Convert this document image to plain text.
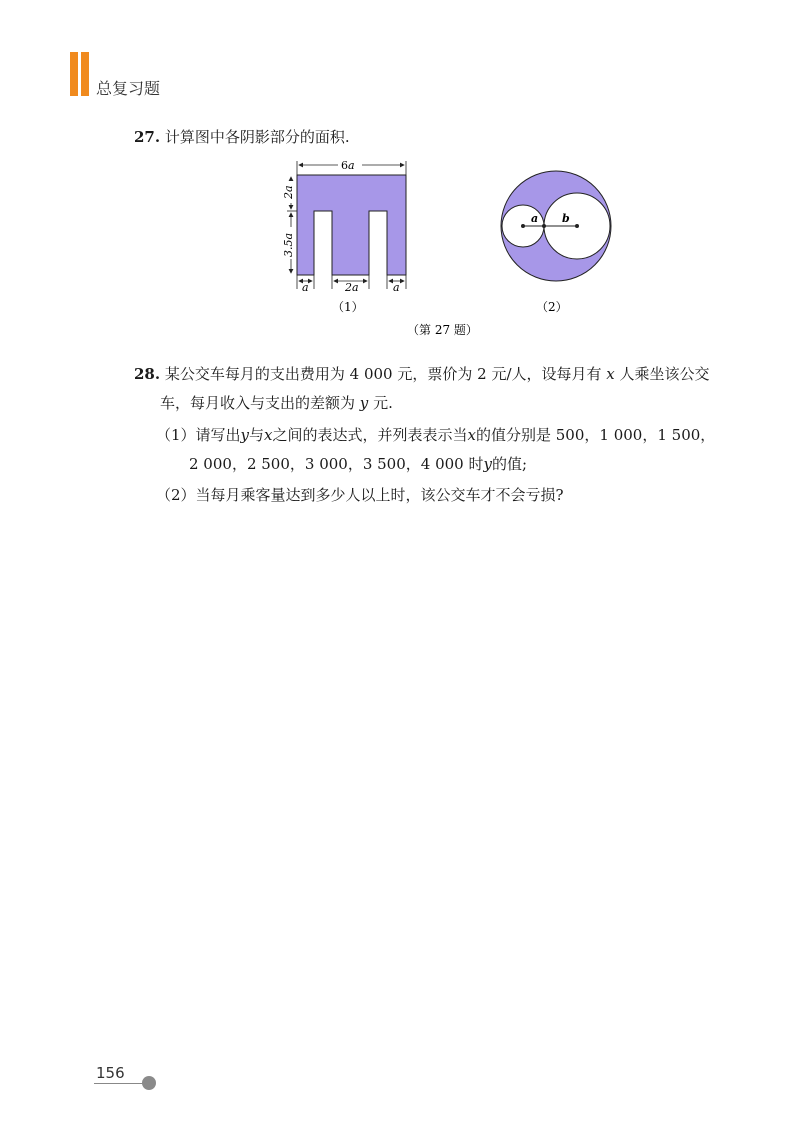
总复习题
27. 计算图中各阴影部分的面积.
6a
2a
3.5a
a	2a	a
（1）
a b
（2）
（第 27 题）
28. 某公交车每月的支出费用为 4 000 元，票价为 2 元/人，设每月有 x 人乘坐该公交
车，每月收入与支出的差额为 y 元.
（1）请写出y与x之间的表达式，并列表表示当x的值分别是 500，1 000，1 500，
2 000，2 500，3 000，3 500，4 000 时y的值;
（2）当每月乘客量达到多少人以上时，该公交车才不会亏损?
156
